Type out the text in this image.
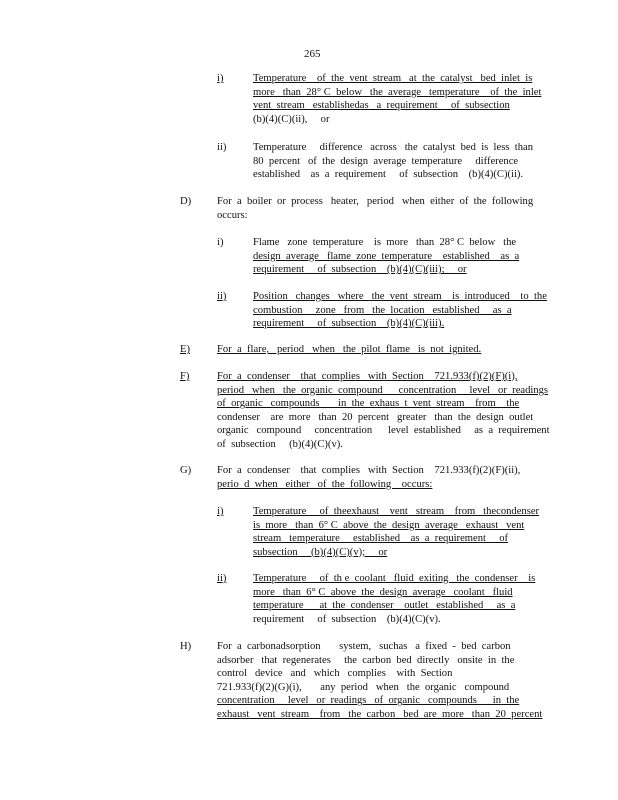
265
i)	Temperature    of  the  vent  stream   at  the  catalyst   bed  inlet  is
more   than  28° C  below   the  average   temperature    of  the  inlet
vent  stream   establishedas   a  requirement     of  subsection
(b)(4)(C)(ii),     or
ii)	Temperature     difference   across   the  catalyst  bed  is  less  than
80  percent   of  the  design  average  temperature     difference
established    as  a  requirement     of  subsection    (b)(4)(C)(ii).
D) For  a  boiler  or  process   heater,   period   when  either  of  the  following
occurs:
i)	Flame   zone  temperature    is  more   than  28° C  below   the
design  average   flame  zone  temperature    established    as  a
requirement     of  subsection    (b)(4)(C)(iii);     or
ii)	Position   changes   where   the  vent  stream    is  introduced    to  the
combustion     zone   from   the  location   established     as  a
requirement     of  subsection    (b)(4)(C)(iii).
E)	For  a  flare,   period   when   the  pilot  flame   is  not  ignited.
F)	For  a  condenser    that  complies   with  Section    721.933(f)(2)(F)(i),
period   when   the  organic  compound      concentration     level   or  readings
of  organic   compounds       in  the  exhaus  t  vent  stream    from    the
condenser    are  more   than  20  percent   greater   than  the  design  outlet
organic   compound     concentration      level  established     as  a  requirement
of  subsection     (b)(4)(C)(v).
G) For  a  condenser    that  complies   with  Section    721.933(f)(2)(F)(ii),
perio  d  when   either   of  the  following    occurs:
i)	Temperature     of  theexhaust    vent   stream    from   thecondenser
is  more   than  6° C  above  the  design  average   exhaust   vent
stream   temperature     established    as  a  requirement     of
subsection     (b)(4)(C)(v);     or
ii)	Temperature     of  th e  coolant   fluid  exiting   the  condenser    is
more   than  6° C  above  the  design  average   coolant   fluid
temperature      at  the  condenser    outlet   established     as  a
requirement     of  subsection    (b)(4)(C)(v).
H) For  a  carbonadsorption       system,   suchas   a  fixed  -  bed  carbon
adsorber   that  regenerates     the  carbon  bed  directly   onsite  in  the
control   device   and   which   complies    with  Section
721.933(f)(2)(G)(i),       any  period   when   the  organic   compound
concentration     level   or  readings   of  organic   compounds      in  the
exhaust   vent  stream    from   the  carbon   bed  are  more   than  20  percent
